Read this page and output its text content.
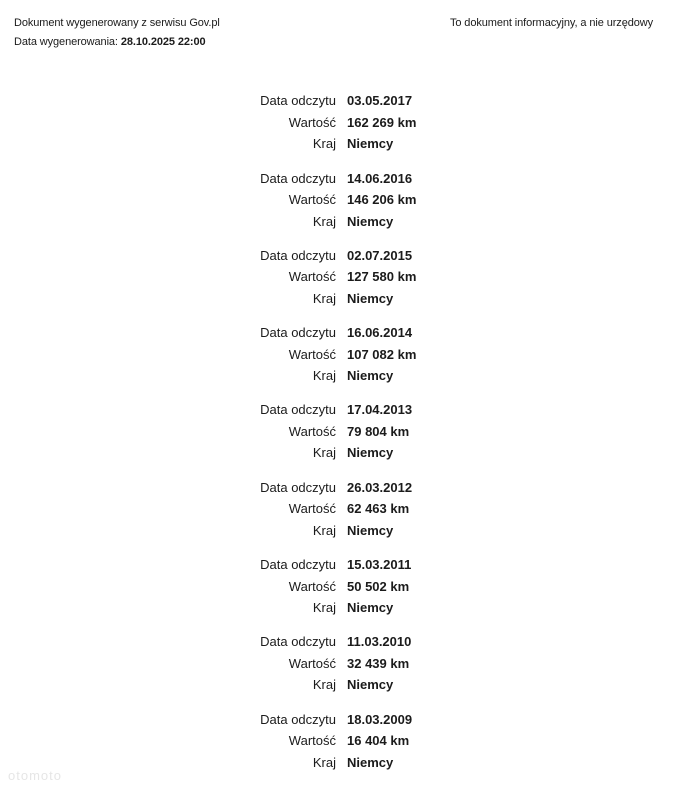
Dokument wygenerowany z serwisu Gov.pl
Data wygenerowania: 28.10.2025 22:00
To dokument informacyjny, a nie urzędowy
Data odczytu 03.05.2017
Wartość 162 269 km
Kraj Niemcy
Data odczytu 14.06.2016
Wartość 146 206 km
Kraj Niemcy
Data odczytu 02.07.2015
Wartość 127 580 km
Kraj Niemcy
Data odczytu 16.06.2014
Wartość 107 082 km
Kraj Niemcy
Data odczytu 17.04.2013
Wartość 79 804 km
Kraj Niemcy
Data odczytu 26.03.2012
Wartość 62 463 km
Kraj Niemcy
Data odczytu 15.03.2011
Wartość 50 502 km
Kraj Niemcy
Data odczytu 11.03.2010
Wartość 32 439 km
Kraj Niemcy
Data odczytu 18.03.2009
Wartość 16 404 km
Kraj Niemcy
otomoto
